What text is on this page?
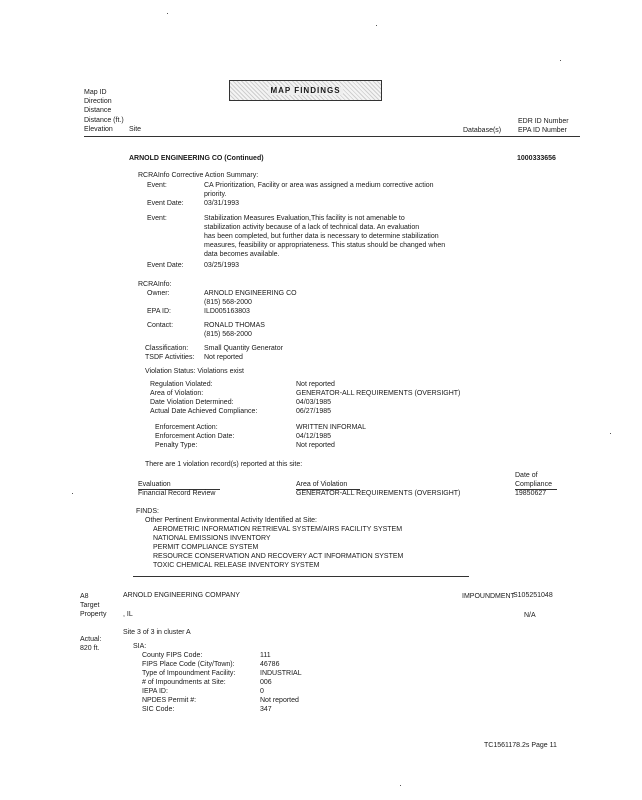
MAP FINDINGS
Map ID
Direction
Distance
Distance (ft.)
Elevation Site	Database(s)
EDR ID Number
EPA ID Number
ARNOLD ENGINEERING CO (Continued)	1000333656
RCRAInfo Corrective Action Summary:
Event:	CA Prioritization, Facility or area was assigned a medium corrective action
priority.
Event Date:	03/31/1993
Event:	Stabilization Measures Evaluation,This facility is not amenable to
stabilization activity because of a lack of technical data. An evaluation
has been completed, but further data is necessary to determine stabilization
measures, feasibility or appropriateness. This status should be changed when
data becomes available.
Event Date:	03/25/1993
RCRAInfo:
Owner:	ARNOLD ENGINEERING CO
(815) 568-2000
EPA ID:	ILD005163803
Contact:	RONALD THOMAS
(815) 568-2000
Classification: Small Quantity Generator
TSDF Activities: Not reported
Violation Status: Violations exist
Regulation Violated:	Not reported
Area of Violation:	GENERATOR-ALL REQUIREMENTS (OVERSIGHT)
Date Violation Determined:	04/03/1985
Actual Date Achieved Compliance:	06/27/1985
Enforcement Action:	WRITTEN INFORMAL
Enforcement Action Date:	04/12/1985
Penalty Type:	Not reported
There are 1 violation record(s) reported at this site:
Date of
Evaluation	Area of Violation	Compliance
Financial Record Review	GENERATOR-ALL REQUIREMENTS (OVERSIGHT)	19850627
FINDS:
Other Pertinent Environmental Activity Identified at Site:
AEROMETRIC INFORMATION RETRIEVAL SYSTEM/AIRS FACILITY SYSTEM
NATIONAL EMISSIONS INVENTORY
PERMIT COMPLIANCE SYSTEM
RESOURCE CONSERVATION AND RECOVERY ACT INFORMATION SYSTEM
TOXIC CHEMICAL RELEASE INVENTORY SYSTEM
A8
Target
Property
ARNOLD ENGINEERING COMPANY
, IL
IMPOUNDMENT
S105251048
N/A
Actual:
820 ft.
Site 3 of 3 in cluster A
SIA:
County FIPS Code:	111
FIPS Place Code (City/Town):	46786
Type of Impoundment Facility:	INDUSTRIAL
# of Impoundments at Site:	006
IEPA ID:	0
NPDES Permit #:	Not reported
SIC Code:	347
TC1561178.2s Page 11
